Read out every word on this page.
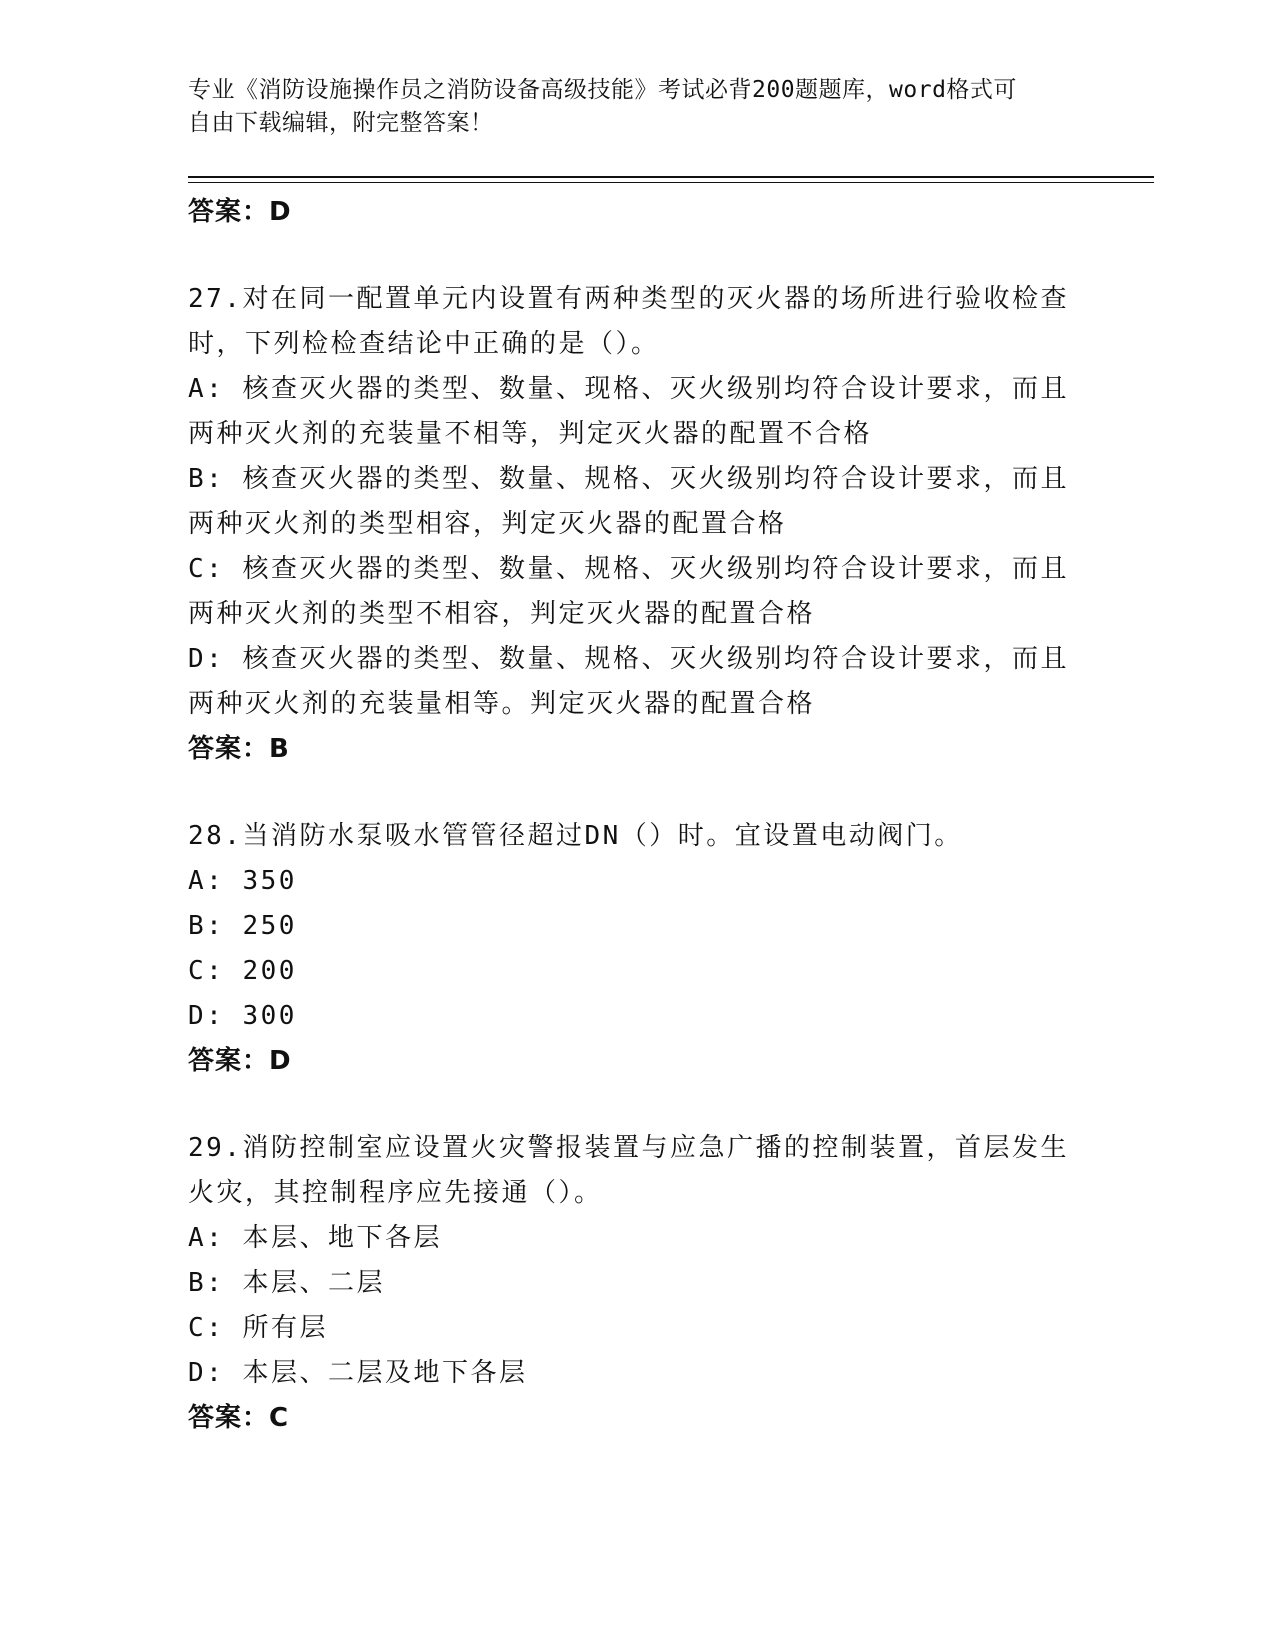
专业《消防设施操作员之消防设备高级技能》考试必背200题题库，word格式可
自由下载编辑，附完整答案！
答案：D
27.对在同一配置单元内设置有两种类型的灭火器的场所进行验收检查
时，下列检检查结论中正确的是（）。
A: 核查灭火器的类型、数量、现格、灭火级别均符合设计要求，而且
两种灭火剂的充装量不相等，判定灭火器的配置不合格
B: 核查灭火器的类型、数量、规格、灭火级别均符合设计要求，而且
两种灭火剂的类型相容，判定灭火器的配置合格
C: 核查灭火器的类型、数量、规格、灭火级别均符合设计要求，而且
两种灭火剂的类型不相容，判定灭火器的配置合格
D: 核查灭火器的类型、数量、规格、灭火级别均符合设计要求，而且
两种灭火剂的充装量相等。判定灭火器的配置合格
答案：B
28.当消防水泵吸水管管径超过DN（）时。宜设置电动阀门。
A: 350
B: 250
C: 200
D: 300
答案：D
29.消防控制室应设置火灾警报装置与应急广播的控制装置，首层发生
火灾，其控制程序应先接通（）。
A: 本层、地下各层
B: 本层、二层
C: 所有层
D: 本层、二层及地下各层
答案：C
